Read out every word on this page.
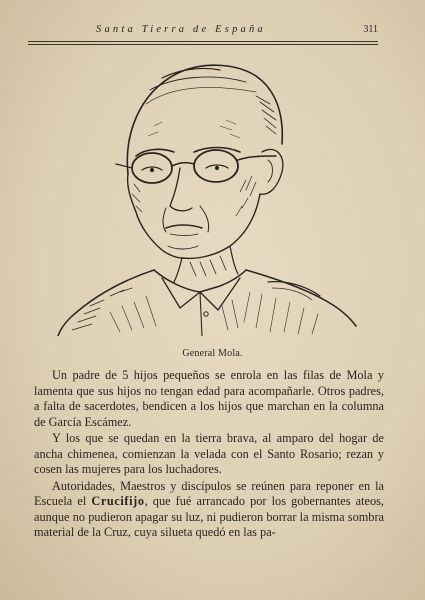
Santa Tierra de España	311
General Mola.

Un padre de 5 hijos pequeños se enrola en las filas de Mola y lamenta que sus hijos no tengan edad para acompañarle. Otros padres, a falta de sacerdotes, bendicen a los hijos que marchan en la columna de García Escámez.

Y los que se quedan en la tierra brava, al amparo del hogar de ancha chimenea, comienzan la velada con el Santo Rosario; rezan y cosen las mujeres para los luchadores.

Autoridades, Maestros y discípulos se reúnen para reponer en la Escuela el Crucifijo, que fué arrancado por los gobernantes ateos, aunque no pudieron apagar su luz, ni pudieron borrar la misma sombra material de la Cruz, cuya silueta quedó en las pa-
